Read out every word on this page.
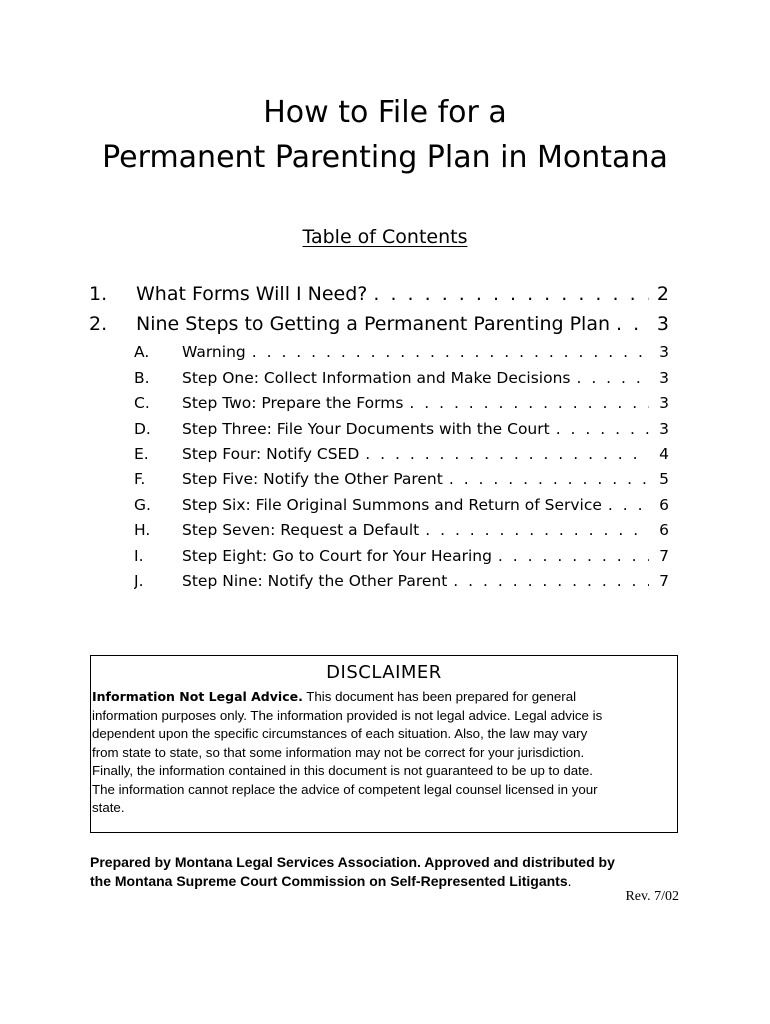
How to File for a
Permanent Parenting Plan in Montana
Table of Contents
1.	What Forms Will I Need? . . .	2
2.	Nine Steps to Getting a Permanent Parenting Plan . . .	3
A.	Warning . . .	3
B.	Step One: Collect Information and Make Decisions . . .	3
C.	Step Two: Prepare the Forms . . .	3
D.	Step Three: File Your Documents with the Court . . .	3
E.	Step Four: Notify CSED . . .	4
F.	Step Five: Notify the Other Parent . . .	5
G.	Step Six: File Original Summons and Return of Service . . .	6
H.	Step Seven: Request a Default . . .	6
I.	Step Eight: Go to Court for Your Hearing . . .	7
J.	Step Nine: Notify the Other Parent . . .	7
DISCLAIMER
Information Not Legal Advice. This document has been prepared for general
information purposes only. The information provided is not legal advice. Legal advice is
dependent upon the specific circumstances of each situation. Also, the law may vary
from state to state, so that some information may not be correct for your jurisdiction.
Finally, the information contained in this document is not guaranteed to be up to date.
The information cannot replace the advice of competent legal counsel licensed in your
state.
Prepared by Montana Legal Services Association. Approved and distributed by
the Montana Supreme Court Commission on Self-Represented Litigants.
Rev. 7/02
